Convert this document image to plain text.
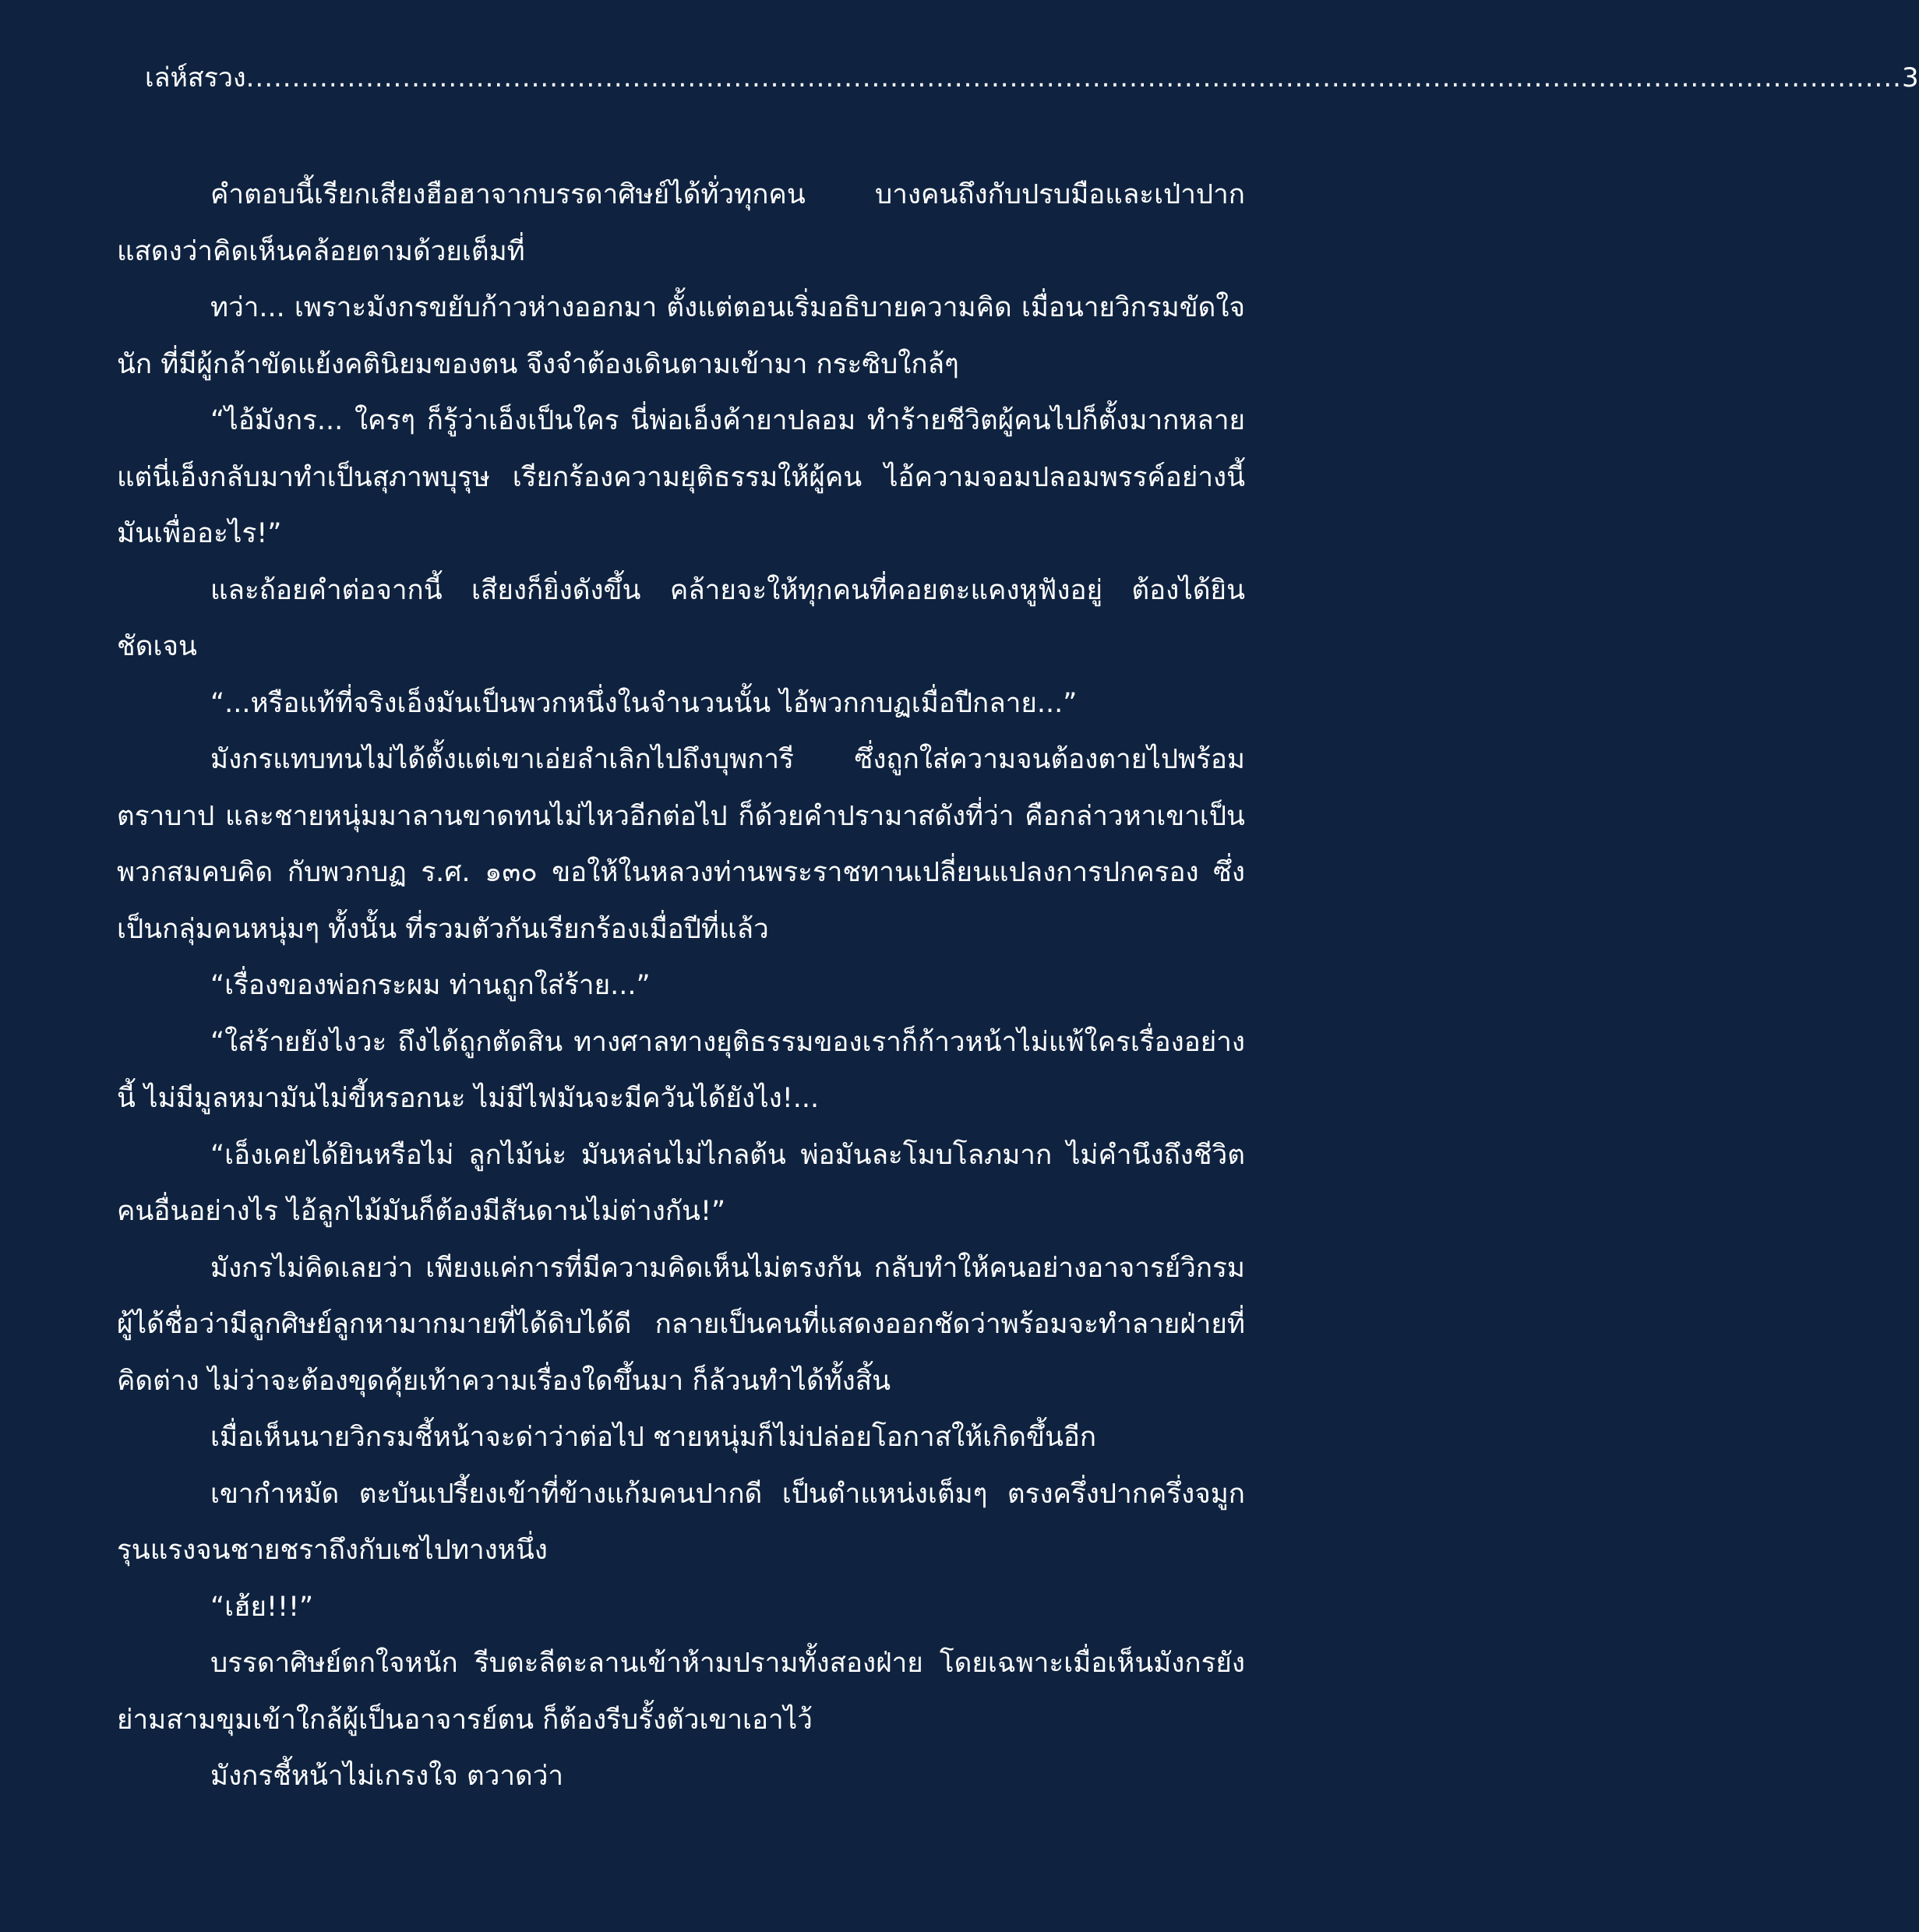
เล่ห์สรวง .................................................................................................................................................................................... 3

คำตอบนี้เรียกเสียงฮือฮาจากบรรดาศิษย์ได้ทั่วทุกคน บางคนถึงกับปรบมือและเป่าปากแสดงว่าคิดเห็นคล้อยตามด้วยเต็มที่

ทว่า... เพราะมังกรขยับก้าวห่างออกมา ตั้งแต่ตอนเริ่มอธิบายความคิด เมื่อนายวิกรมขัดใจนัก ที่มีผู้กล้าขัดแย้งคตินิยมของตน จึงจำต้องเดินตามเข้ามา กระซิบใกล้ๆ

“ไอ้มังกร... ใครๆ ก็รู้ว่าเอ็งเป็นใคร นี่พ่อเอ็งค้ายาปลอม ทำร้ายชีวิตผู้คนไปก็ตั้งมากหลาย แต่นี่เอ็งกลับมาทำเป็นสุภาพบุรุษ เรียกร้องความยุติธรรมให้ผู้คน ไอ้ความจอมปลอมพรรค์อย่างนี้มันเพื่ออะไร!”

และถ้อยคำต่อจากนี้ เสียงก็ยิ่งดังขึ้น คล้ายจะให้ทุกคนที่คอยตะแคงหูฟังอยู่ ต้องได้ยินชัดเจน

“...หรือแท้ที่จริงเอ็งมันเป็นพวกหนึ่งในจำนวนนั้น ไอ้พวกกบฏเมื่อปีกลาย...”

มังกรแทบทนไม่ได้ตั้งแต่เขาเอ่ยลำเลิกไปถึงบุพการี ซึ่งถูกใส่ความจนต้องตายไปพร้อมตราบาป และชายหนุ่มมาลานขาดทนไม่ไหวอีกต่อไป ก็ด้วยคำปรามาสดังที่ว่า คือกล่าวหาเขาเป็นพวกสมคบคิด กับพวกบฏ ร.ศ. ๑๓๐ ขอให้ในหลวงท่านพระราชทานเปลี่ยนแปลงการปกครอง ซึ่งเป็นกลุ่มคนหนุ่มๆ ทั้งนั้น ที่รวมตัวกันเรียกร้องเมื่อปีที่แล้ว

“เรื่องของพ่อกระผม ท่านถูกใส่ร้าย...”

“ใส่ร้ายยังไงวะ ถึงได้ถูกตัดสิน ทางศาลทางยุติธรรมของเราก็ก้าวหน้าไม่แพ้ใครเรื่องอย่างนี้ ไม่มีมูลหมามันไม่ขี้หรอกนะ ไม่มีไฟมันจะมีควันได้ยังไง!...

“เอ็งเคยได้ยินหรือไม่ ลูกไม้น่ะ มันหล่นไม่ไกลต้น พ่อมันละโมบโลภมาก ไม่คำนึงถึงชีวิตคนอื่นอย่างไร ไอ้ลูกไม้มันก็ต้องมีสันดานไม่ต่างกัน!”

มังกรไม่คิดเลยว่า เพียงแค่การที่มีความคิดเห็นไม่ตรงกัน กลับทำให้คนอย่างอาจารย์วิกรม ผู้ได้ชื่อว่ามีลูกศิษย์ลูกหามากมายที่ได้ดิบได้ดี กลายเป็นคนที่แสดงออกชัดว่าพร้อมจะทำลายฝ่ายที่คิดต่าง ไม่ว่าจะต้องขุดคุ้ยเท้าความเรื่องใดขึ้นมา ก็ล้วนทำได้ทั้งสิ้น

เมื่อเห็นนายวิกรมชี้หน้าจะด่าว่าต่อไป ชายหนุ่มก็ไม่ปล่อยโอกาสให้เกิดขึ้นอีก

เขากำหมัด ตะบันเปรี้ยงเข้าที่ข้างแก้มคนปากดี เป็นตำแหน่งเต็มๆ ตรงครึ่งปากครึ่งจมูก รุนแรงจนชายชราถึงกับเซไปทางหนึ่ง

“เฮ้ย!!!”

บรรดาศิษย์ตกใจหนัก รีบตะลีตะลานเข้าห้ามปรามทั้งสองฝ่าย โดยเฉพาะเมื่อเห็นมังกรยังย่ามสามขุมเข้าใกล้ผู้เป็นอาจารย์ตน ก็ต้องรีบรั้งตัวเขาเอาไว้

มังกรชี้หน้าไม่เกรงใจ ตวาดว่า
